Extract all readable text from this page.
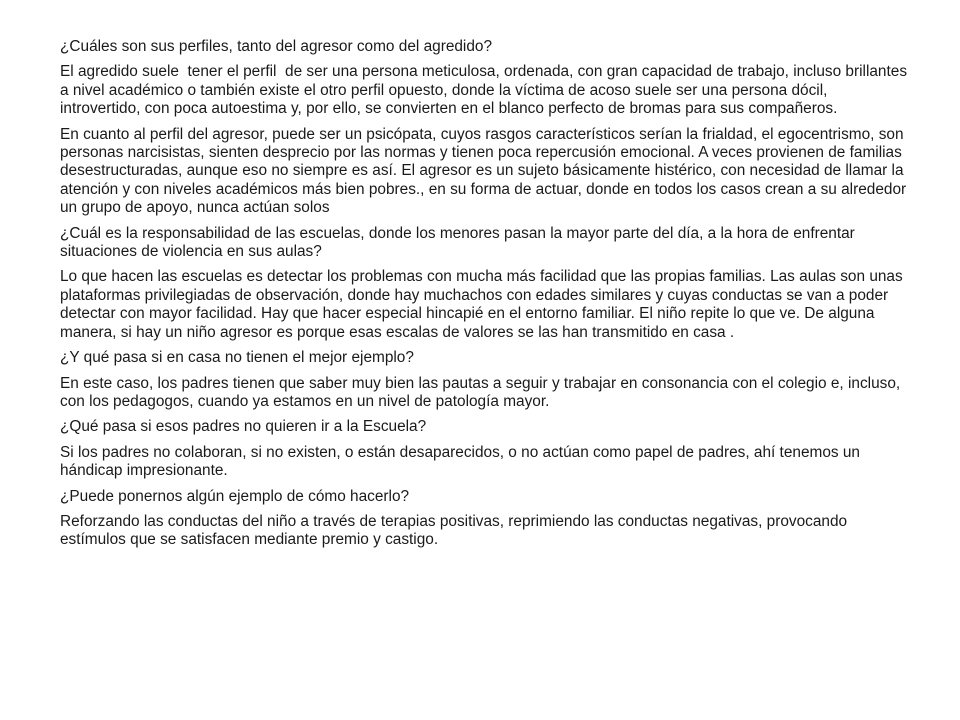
¿Cuáles son sus perfiles, tanto del agresor como del agredido?

El agredido suele  tener el perfil  de ser una persona meticulosa, ordenada, con gran capacidad de trabajo, incluso brillantes a nivel académico o también existe el otro perfil opuesto, donde la víctima de acoso suele ser una persona dócil, introvertido, con poca autoestima y, por ello, se convierten en el blanco perfecto de bromas para sus compañeros.

En cuanto al perfil del agresor, puede ser un psicópata, cuyos rasgos característicos serían la frialdad, el egocentrismo, son personas narcisistas, sienten desprecio por las normas y tienen poca repercusión emocional. A veces provienen de familias desestructuradas, aunque eso no siempre es así. El agresor es un sujeto básicamente histérico, con necesidad de llamar la atención y con niveles académicos más bien pobres., en su forma de actuar, donde en todos los casos crean a su alrededor un grupo de apoyo, nunca actúan solos

¿Cuál es la responsabilidad de las escuelas, donde los menores pasan la mayor parte del día, a la hora de enfrentar situaciones de violencia en sus aulas?

Lo que hacen las escuelas es detectar los problemas con mucha más facilidad que las propias familias. Las aulas son unas plataformas privilegiadas de observación, donde hay muchachos con edades similares y cuyas conductas se van a poder detectar con mayor facilidad. Hay que hacer especial hincapié en el entorno familiar. El niño repite lo que ve. De alguna manera, si hay un niño agresor es porque esas escalas de valores se las han transmitido en casa .

¿Y qué pasa si en casa no tienen el mejor ejemplo?

En este caso, los padres tienen que saber muy bien las pautas a seguir y trabajar en consonancia con el colegio e, incluso, con los pedagogos, cuando ya estamos en un nivel de patología mayor.

¿Qué pasa si esos padres no quieren ir a la Escuela?

Si los padres no colaboran, si no existen, o están desaparecidos, o no actúan como papel de padres, ahí tenemos un hándicap impresionante.

¿Puede ponernos algún ejemplo de cómo hacerlo?

Reforzando las conductas del niño a través de terapias positivas, reprimiendo las conductas negativas, provocando estímulos que se satisfacen mediante premio y castigo.
